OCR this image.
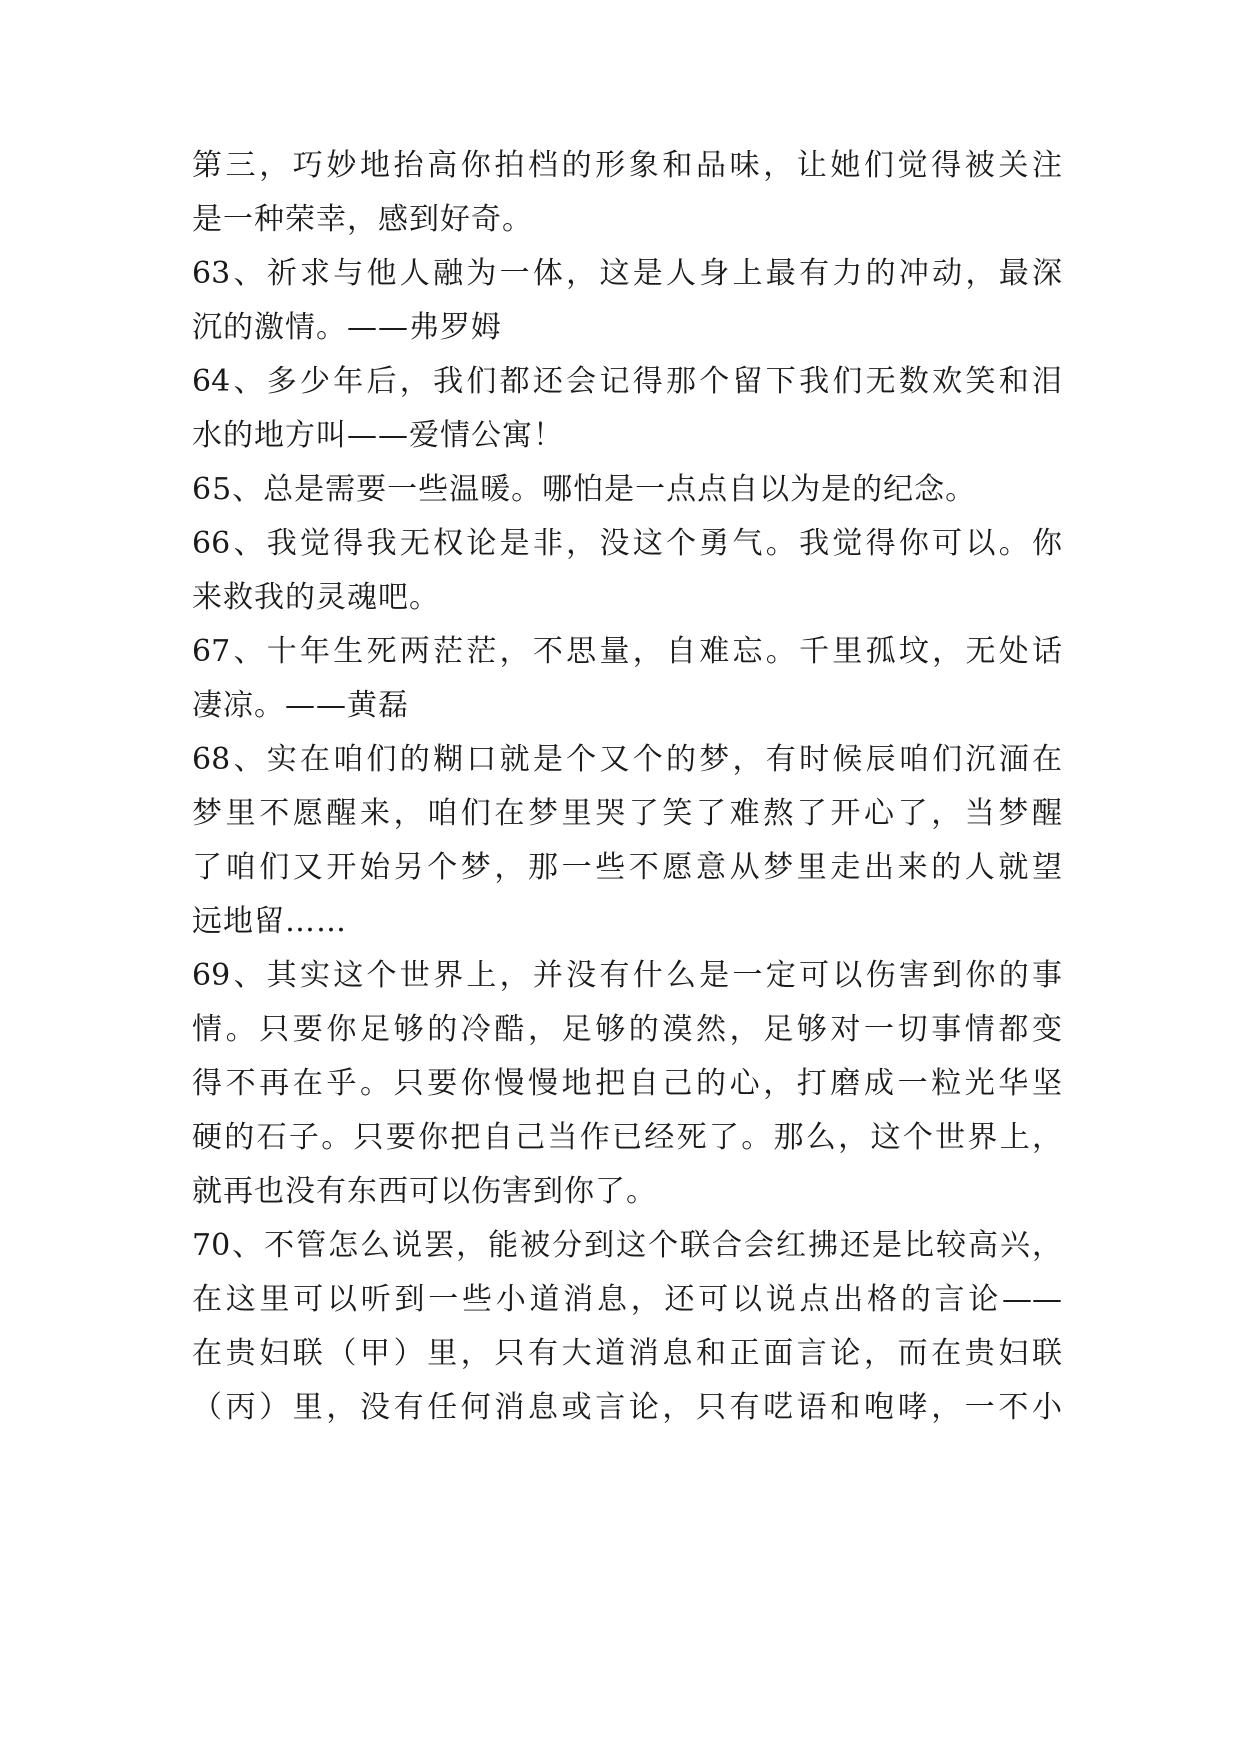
第三，巧妙地抬高你拍档的形象和品味，让她们觉得被关注
是一种荣幸，感到好奇。
63、祈求与他人融为一体，这是人身上最有力的冲动，最深
沉的激情。——弗罗姆
64、多少年后，我们都还会记得那个留下我们无数欢笑和泪
水的地方叫——爱情公寓！
65、总是需要一些温暖。哪怕是一点点自以为是的纪念。
66、我觉得我无权论是非，没这个勇气。我觉得你可以。你
来救我的灵魂吧。
67、十年生死两茫茫，不思量，自难忘。千里孤坟，无处话
凄凉。——黄磊
68、实在咱们的糊口就是个又个的梦，有时候辰咱们沉湎在
梦里不愿醒来，咱们在梦里哭了笑了难熬了开心了，当梦醒
了咱们又开始另个梦，那一些不愿意从梦里走出来的人就望
远地留……
69、其实这个世界上，并没有什么是一定可以伤害到你的事
情。只要你足够的冷酷，足够的漠然，足够对一切事情都变
得不再在乎。只要你慢慢地把自己的心，打磨成一粒光华坚
硬的石子。只要你把自己当作已经死了。那么，这个世界上，
就再也没有东西可以伤害到你了。
70、不管怎么说罢，能被分到这个联合会红拂还是比较高兴，
在这里可以听到一些小道消息，还可以说点出格的言论——
在贵妇联（甲）里，只有大道消息和正面言论，而在贵妇联
（丙）里，没有任何消息或言论，只有呓语和咆哮，一不小
